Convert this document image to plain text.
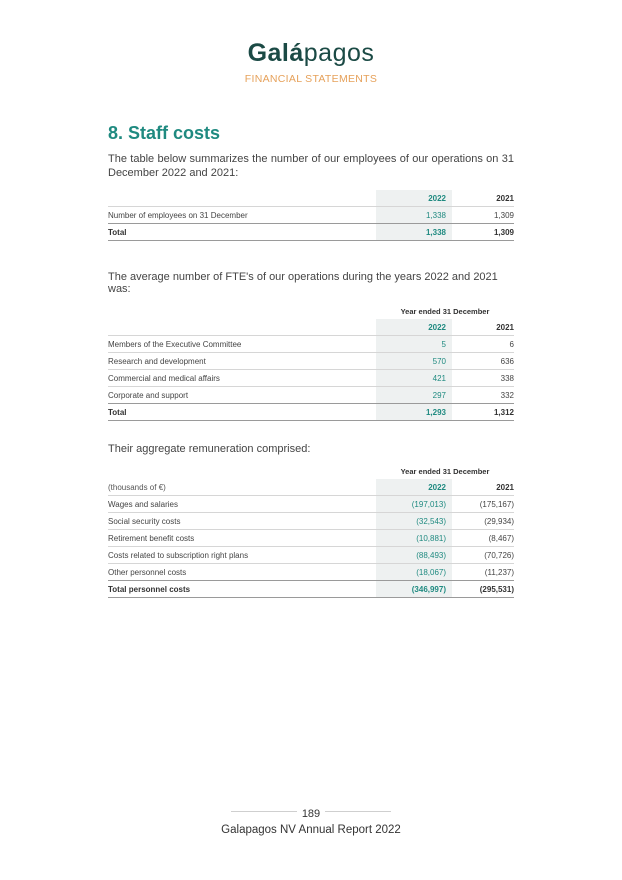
Galápagos
FINANCIAL STATEMENTS
8. Staff costs
The table below summarizes the number of our employees of our operations on 31 December 2022 and 2021:
	2022	2021
Number of employees on 31 December	1,338	1,309
Total	1,338	1,309
The average number of FTE's of our operations during the years 2022 and 2021 was:
	Year ended 31 December	
	2022	2021
Members of the Executive Committee	5	6
Research and development	570	636
Commercial and medical affairs	421	338
Corporate and support	297	332
Total	1,293	1,312
Their aggregate remuneration comprised:
	Year ended 31 December	
(thousands of €)	2022	2021
Wages and salaries	(197,013)	(175,167)
Social security costs	(32,543)	(29,934)
Retirement benefit costs	(10,881)	(8,467)
Costs related to subscription right plans	(88,493)	(70,726)
Other personnel costs	(18,067)	(11,237)
Total personnel costs	(346,997)	(295,531)
189
Galapagos NV Annual Report 2022
